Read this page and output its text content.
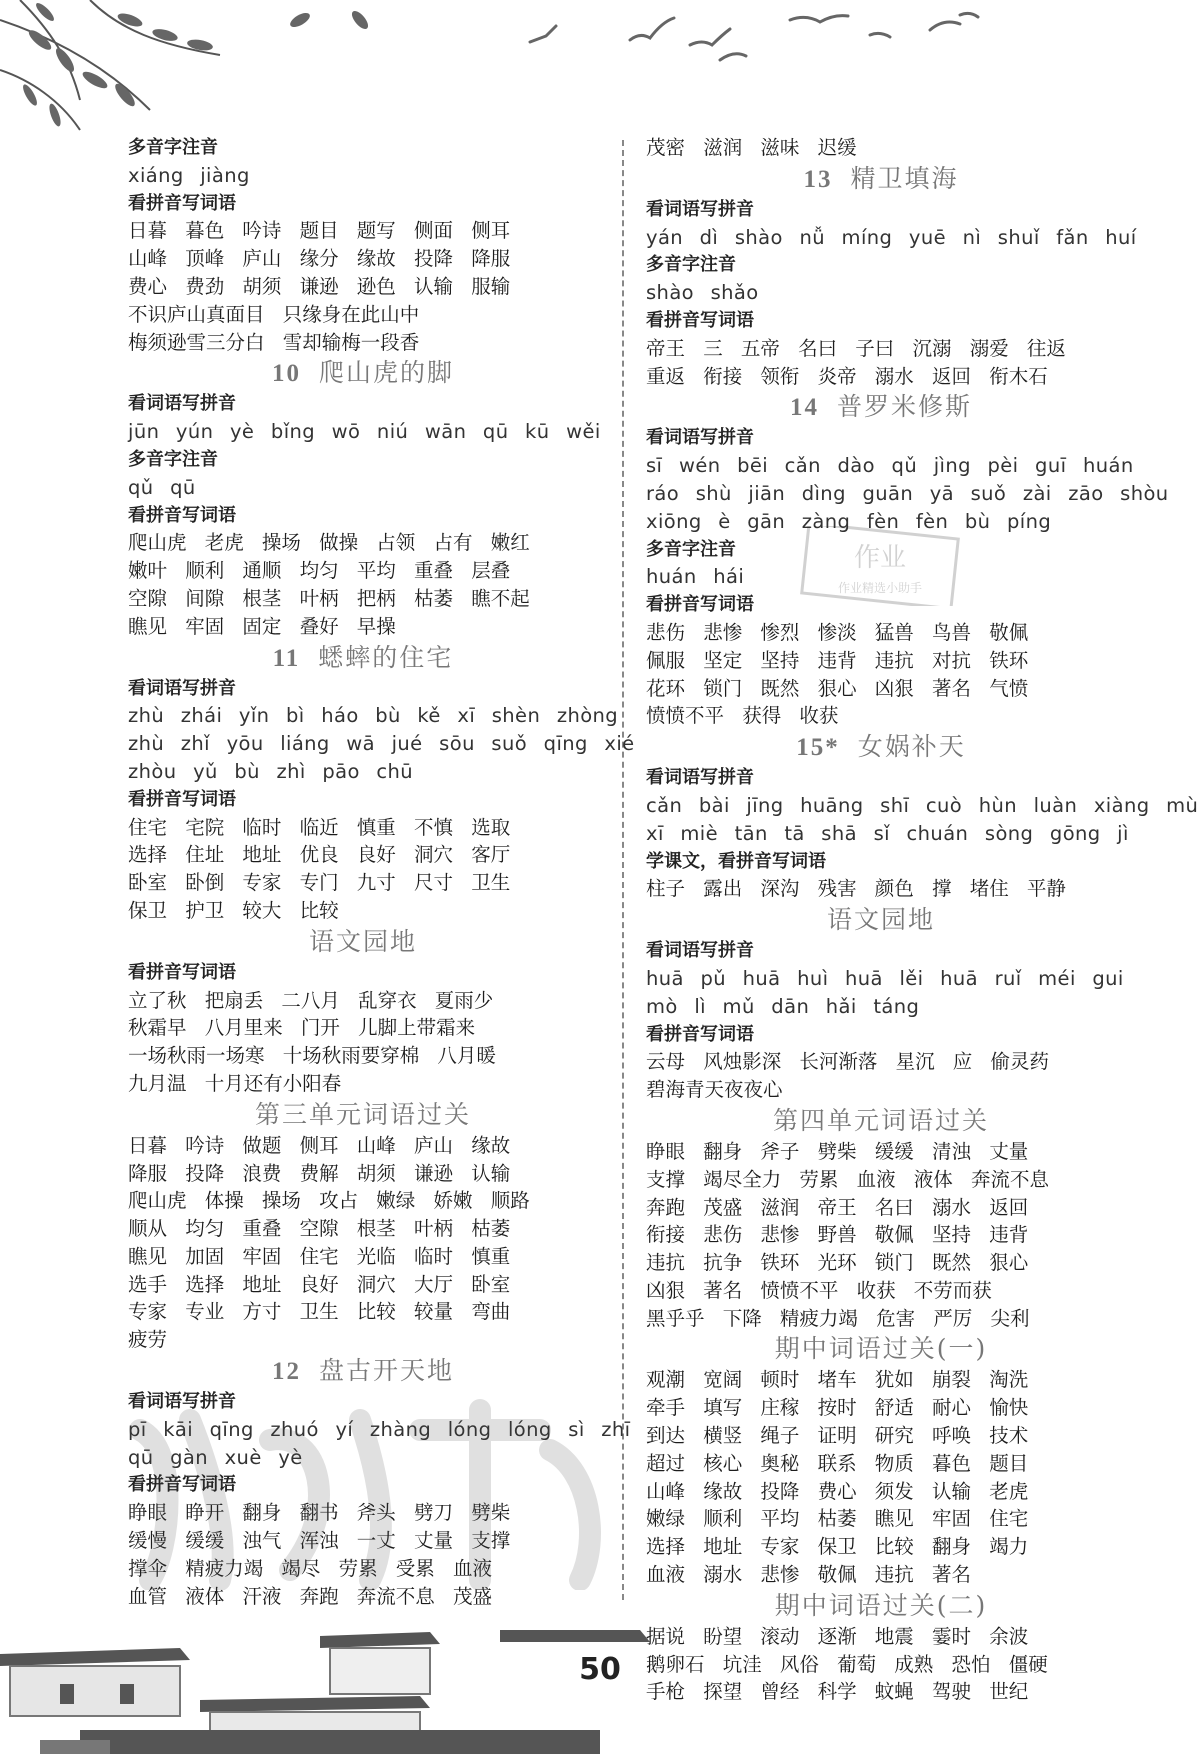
多音字注音
xiáng jiàng
看拼音写词语
日暮 暮色 吟诗 题目 题写 侧面 侧耳
山峰 顶峰 庐山 缘分 缘故 投降 降服
费心 费劲 胡须 谦逊 逊色 认输 服输
不识庐山真面目 只缘身在此山中
梅须逊雪三分白 雪却输梅一段香
10 爬山虎的脚
看词语写拼音
jūn yún yè bǐng wō niú wān qū kū wěi
多音字注音
qǔ qū
看拼音写词语
爬山虎 老虎 操场 做操 占领 占有 嫩红
嫩叶 顺利 通顺 均匀 平均 重叠 层叠
空隙 间隙 根茎 叶柄 把柄 枯萎 瞧不起
瞧见 牢固 固定 叠好 早操
11 蟋蟀的住宅
看词语写拼音
zhù zhái yǐn bì háo bù kě xī shèn zhòng
zhù zhǐ yōu liáng wā jué sōu suǒ qīng xié
zhòu yǔ bù zhì pāo chū
看拼音写词语
住宅 宅院 临时 临近 慎重 不慎 选取
选择 住址 地址 优良 良好 洞穴 客厅
卧室 卧倒 专家 专门 九寸 尺寸 卫生
保卫 护卫 较大 比较
语文园地
看拼音写词语
立了秋 把扇丢 二八月 乱穿衣 夏雨少
秋霜早 八月里来 门开 儿脚上带霜来
一场秋雨一场寒 十场秋雨要穿棉 八月暖
九月温 十月还有小阳春
第三单元词语过关
日暮 吟诗 做题 侧耳 山峰 庐山 缘故
降服 投降 浪费 费解 胡须 谦逊 认输
爬山虎 体操 操场 攻占 嫩绿 娇嫩 顺路
顺从 均匀 重叠 空隙 根茎 叶柄 枯萎
瞧见 加固 牢固 住宅 光临 临时 慎重
选手 选择 地址 良好 洞穴 大厅 卧室
专家 专业 方寸 卫生 比较 较量 弯曲
疲劳
12 盘古开天地
看词语写拼音
pī kāi qīng zhuó yí zhàng lóng lóng sì zhī
qū gàn xuè yè
看拼音写词语
睁眼 睁开 翻身 翻书 斧头 劈刀 劈柴
缓慢 缓缓 浊气 浑浊 一丈 丈量 支撑
撑伞 精疲力竭 竭尽 劳累 受累 血液
血管 液体 汗液 奔跑 奔流不息 茂盛
茂密 滋润 滋味 迟缓
13 精卫填海
看词语写拼音
yán dì shào nǚ míng yuē nì shuǐ fǎn huí
多音字注音
shào shǎo
看拼音写词语
帝王 三 五帝 名曰 子曰 沉溺 溺爱 往返
重返 衔接 领衔 炎帝 溺水 返回 衔木石
14 普罗米修斯
看词语写拼音
sī wén bēi cǎn dào qǔ jìng pèi guī huán
ráo shù jiān dìng guān yā suǒ zài zāo shòu
xiōng è gān zàng fèn fèn bù píng
多音字注音
huán hái
看拼音写词语
悲伤 悲惨 惨烈 惨淡 猛兽 鸟兽 敬佩
佩服 坚定 坚持 违背 违抗 对抗 铁环
花环 锁门 既然 狠心 凶狠 著名 气愤
愤愤不平 获得 收获
15* 女娲补天
看词语写拼音
cǎn bài jīng huāng shī cuò hùn luàn xiàng mù
xī miè tān tā shā sǐ chuán sòng gōng jì
学课文，看拼音写词语
柱子 露出 深沟 残害 颜色 撑 堵住 平静
语文园地
看词语写拼音
huā pǔ huā huì huā lěi huā ruǐ méi gui
mò lì mǔ dān hǎi táng
看拼音写词语
云母 风烛影深 长河渐落 星沉 应 偷灵药
碧海青天夜夜心
第四单元词语过关
睁眼 翻身 斧子 劈柴 缓缓 清浊 丈量
支撑 竭尽全力 劳累 血液 液体 奔流不息
奔跑 茂盛 滋润 帝王 名曰 溺水 返回
衔接 悲伤 悲惨 野兽 敬佩 坚持 违背
违抗 抗争 铁环 光环 锁门 既然 狠心
凶狠 著名 愤愤不平 收获 不劳而获
黑乎乎 下降 精疲力竭 危害 严厉 尖利
期中词语过关(一)
观潮 宽阔 顿时 堵车 犹如 崩裂 淘洗
牵手 填写 庄稼 按时 舒适 耐心 愉快
到达 横竖 绳子 证明 研究 呼唤 技术
超过 核心 奥秘 联系 物质 暮色 题目
山峰 缘故 投降 费心 须发 认输 老虎
嫩绿 顺利 平均 枯萎 瞧见 牢固 住宅
选择 地址 专家 保卫 比较 翻身 竭力
血液 溺水 悲惨 敬佩 违抗 著名
期中词语过关(二)
据说 盼望 滚动 逐渐 地震 霎时 余波
鹅卵石 坑洼 风俗 葡萄 成熟 恐怕 僵硬
手枪 探望 曾经 科学 蚊蝇 驾驶 世纪
作业
作业精选小助手
50
